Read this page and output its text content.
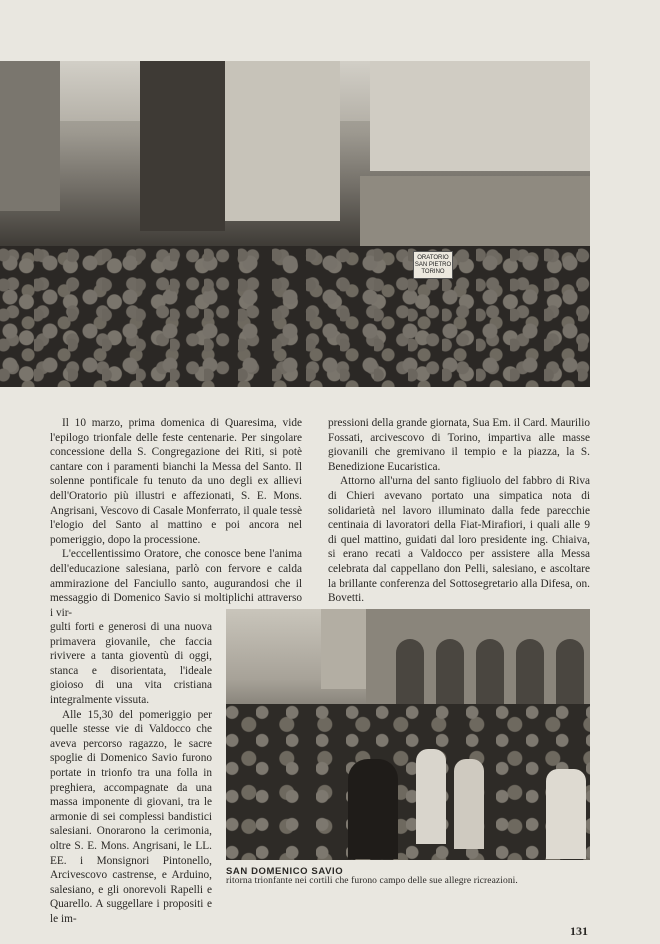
ORATORIO SAN PIETRO TORINO

Il 10 marzo, prima domenica di Quaresima, vide l'epilogo trionfale delle feste centenarie. Per singolare concessione della S. Congregazione dei Riti, si potè cantare con i paramenti bianchi la Messa del Santo. Il solenne pontificale fu tenuto da uno degli ex allievi dell'Oratorio più illustri e affezionati, S. E. Mons. Angrisani, Vescovo di Casale Monferrato, il quale tessè l'elogio del Santo al mattino e poi ancora nel pomeriggio, dopo la processione.

L'eccellentissimo Oratore, che conosce bene l'anima dell'educazione salesiana, parlò con fervore e calda ammirazione del Fanciullo santo, augurandosi che il messaggio di Domenico Savio si moltiplichi attraverso i vir-

pressioni della grande giornata, Sua Em. il Card. Maurilio Fossati, arcivescovo di Torino, impartiva alle masse giovanili che gremivano il tempio e la piazza, la S. Benedizione Eucaristica.

Attorno all'urna del santo figliuolo del fabbro di Riva di Chieri avevano portato una simpatica nota di solidarietà nel lavoro illuminato dalla fede parecchie centinaia di lavoratori della Fiat-Mirafiori, i quali alle 9 di quel mattino, guidati dal loro presidente ing. Chiaiva, si erano recati a Valdocco per assistere alla Messa celebrata dal cappellano don Pelli, salesiano, e ascoltare la brillante conferenza del Sottosegretario alla Difesa, on. Bovetti.

gulti forti e generosi di una nuova primavera giovanile, che faccia rivivere a tanta gioventù di oggi, stanca e disorientata, l'ideale gioioso di una vita cristiana integralmente vissuta.

Alle 15,30 del pomeriggio per quelle stesse vie di Valdocco che aveva percorso ragazzo, le sacre spoglie di Domenico Savio furono portate in trionfo tra una folla in preghiera, accompagnate da una massa imponente di giovani, tra le armonie di sei complessi bandistici salesiani. Onorarono la cerimonia, oltre S. E. Mons. Angrisani, le LL. EE. i Monsignori Pintonello, Arcivescovo castrense, e Arduino, salesiano, e gli onorevoli Rapelli e Quarello. A suggellare i propositi e le im-

SAN DOMENICO SAVIO
ritorna trionfante nei cortili che furono campo delle sue allegre ricreazioni.
131
